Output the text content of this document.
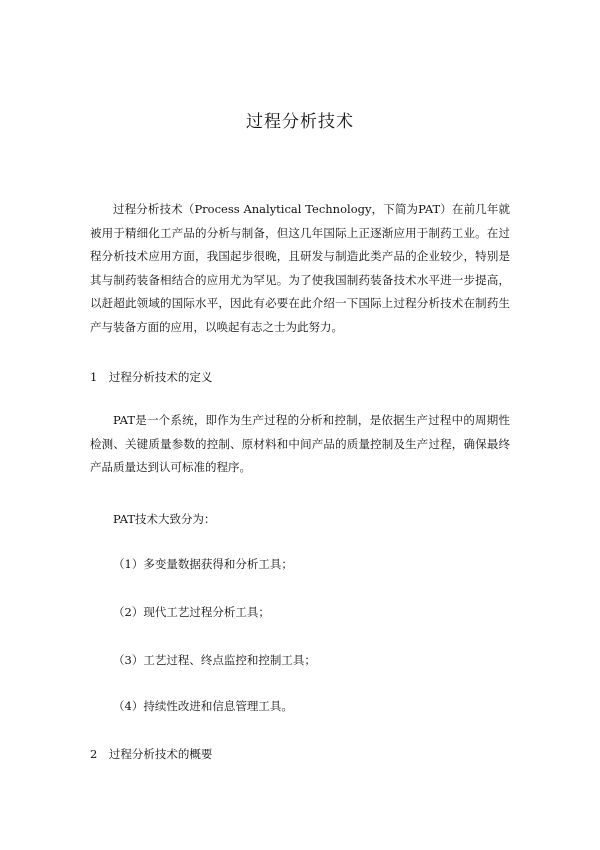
过程分析技术

过程分析技术（Process Analytical Technology，下简为PAT）在前几年就被用于精细化工产品的分析与制备，但这几年国际上正逐渐应用于制药工业。在过程分析技术应用方面，我国起步很晚，且研发与制造此类产品的企业较少，特别是其与制药装备相结合的应用尤为罕见。为了使我国制药装备技术水平进一步提高，以赶超此领域的国际水平，因此有必要在此介绍一下国际上过程分析技术在制药生产与装备方面的应用，以唤起有志之士为此努力。

1　过程分析技术的定义

PAT是一个系统，即作为生产过程的分析和控制，是依据生产过程中的周期性检测、关键质量参数的控制、原材料和中间产品的质量控制及生产过程，确保最终产品质量达到认可标准的程序。

PAT技术大致分为：

（1）多变量数据获得和分析工具；

（2）现代工艺过程分析工具；

（3）工艺过程、终点监控和控制工具；

（4）持续性改进和信息管理工具。

2　过程分析技术的概要
